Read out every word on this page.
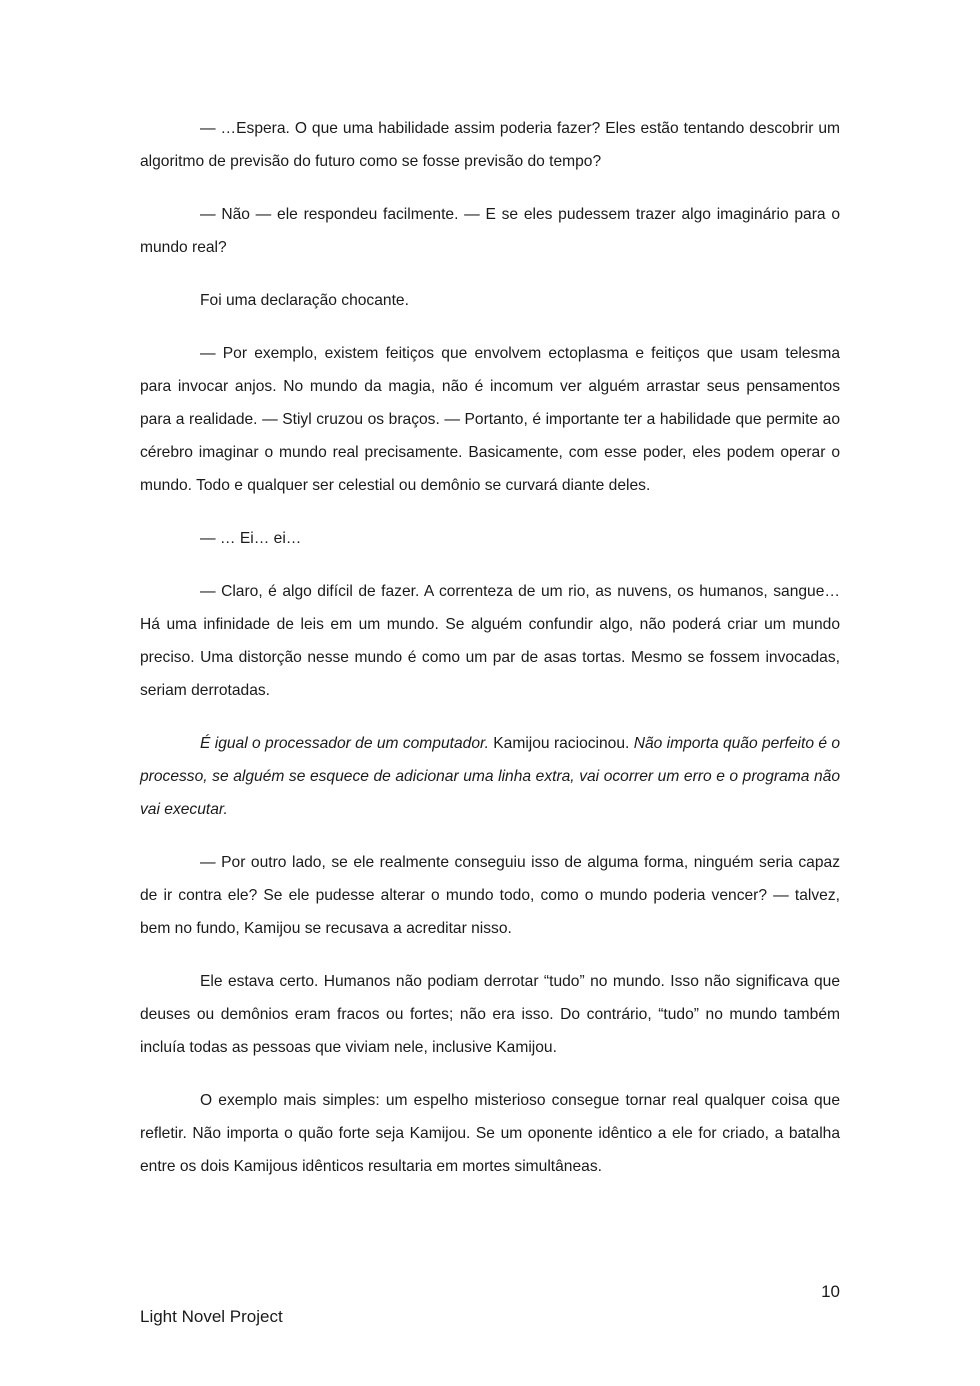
— …Espera. O que uma habilidade assim poderia fazer? Eles estão tentando descobrir um algoritmo de previsão do futuro como se fosse previsão do tempo?

— Não — ele respondeu facilmente. — E se eles pudessem trazer algo imaginário para o mundo real?

Foi uma declaração chocante.

— Por exemplo, existem feitiços que envolvem ectoplasma e feitiços que usam telesma para invocar anjos. No mundo da magia, não é incomum ver alguém arrastar seus pensamentos para a realidade. — Stiyl cruzou os braços. — Portanto, é importante ter a habilidade que permite ao cérebro imaginar o mundo real precisamente. Basicamente, com esse poder, eles podem operar o mundo. Todo e qualquer ser celestial ou demônio se curvará diante deles.

— … Ei… ei…

— Claro, é algo difícil de fazer. A correnteza de um rio, as nuvens, os humanos, sangue… Há uma infinidade de leis em um mundo. Se alguém confundir algo, não poderá criar um mundo preciso. Uma distorção nesse mundo é como um par de asas tortas. Mesmo se fossem invocadas, seriam derrotadas.

É igual o processador de um computador. Kamijou raciocinou. Não importa quão perfeito é o processo, se alguém se esquece de adicionar uma linha extra, vai ocorrer um erro e o programa não vai executar.

— Por outro lado, se ele realmente conseguiu isso de alguma forma, ninguém seria capaz de ir contra ele? Se ele pudesse alterar o mundo todo, como o mundo poderia vencer? — talvez, bem no fundo, Kamijou se recusava a acreditar nisso.

Ele estava certo. Humanos não podiam derrotar “tudo” no mundo. Isso não significava que deuses ou demônios eram fracos ou fortes; não era isso. Do contrário, “tudo” no mundo também incluía todas as pessoas que viviam nele, inclusive Kamijou.

O exemplo mais simples: um espelho misterioso consegue tornar real qualquer coisa que refletir. Não importa o quão forte seja Kamijou. Se um oponente idêntico a ele for criado, a batalha entre os dois Kamijous idênticos resultaria em mortes simultâneas.

10
Light Novel Project
